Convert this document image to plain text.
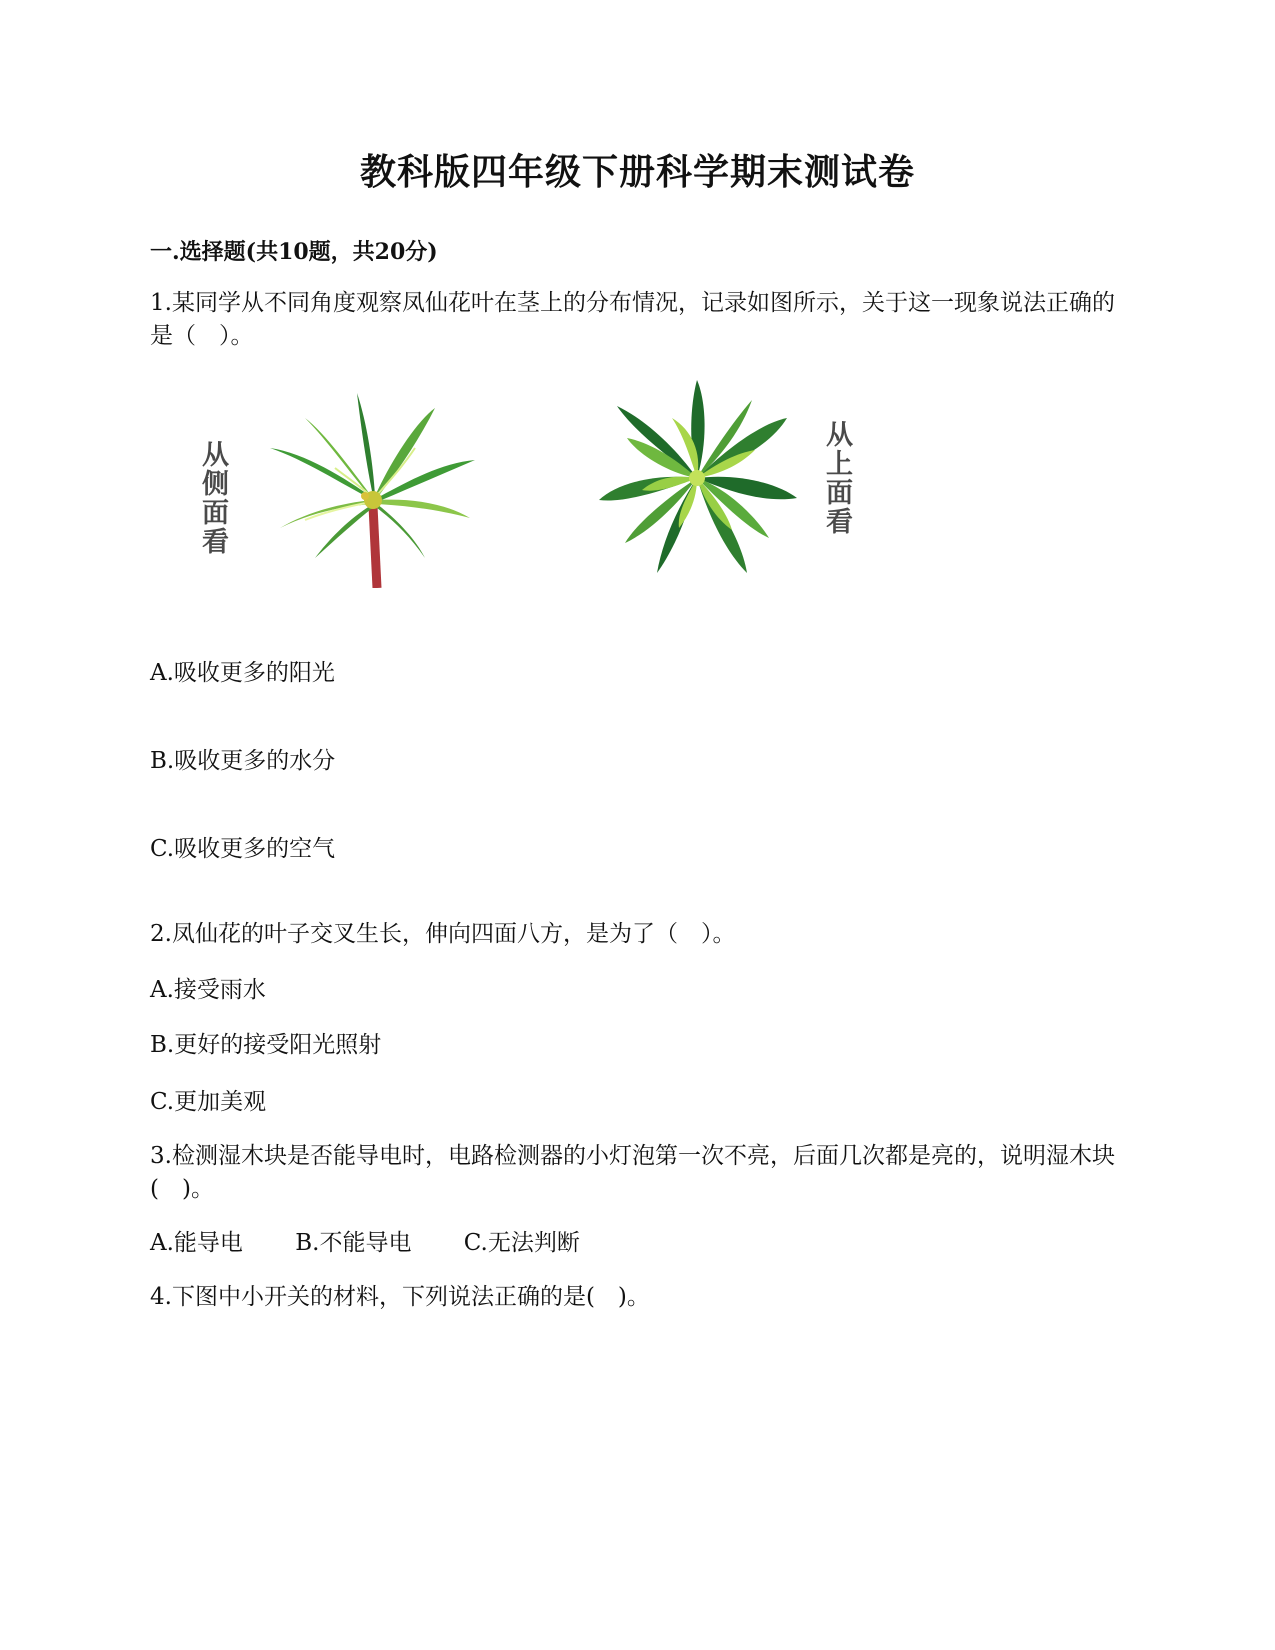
教科版四年级下册科学期末测试卷
一.选择题(共10题，共20分)
1.某同学从不同角度观察凤仙花叶在茎上的分布情况，记录如图所示，关于这一现象说法正确的是（　）。
从侧面看	从上面看
A.吸收更多的阳光
B.吸收更多的水分
C.吸收更多的空气
2.凤仙花的叶子交叉生长，伸向四面八方，是为了（　）。
A.接受雨水
B.更好的接受阳光照射
C.更加美观
3.检测湿木块是否能导电时，电路检测器的小灯泡第一次不亮，后面几次都是亮的，说明湿木块(　)。
A.能导电 B.不能导电 C.无法判断
4.下图中小开关的材料，下列说法正确的是(　)。
